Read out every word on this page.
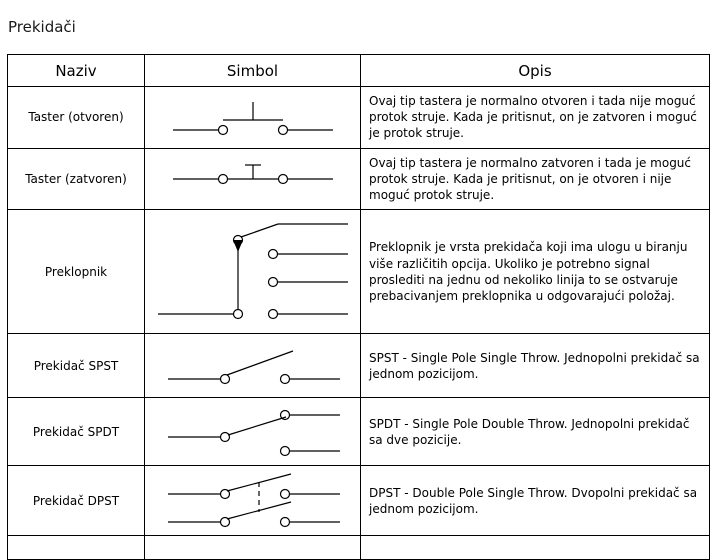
Prekidači
Naziv	Simbol	Opis
Taster (otvoren)		Ovaj tip tastera je normalno otvoren i tada nije moguć protok struje. Kada je pritisnut, on je zatvoren i moguć je protok struje.
Taster (zatvoren)		Ovaj tip tastera je normalno zatvoren i tada je moguć protok struje. Kada je pritisnut, on je otvoren i nije moguć protok struje.
Preklopnik		Preklopnik je vrsta prekidača koji ima ulogu u biranju više različitih opcija. Ukoliko je potrebno signal proslediti na jednu od nekoliko linija to se ostvaruje prebacivanjem preklopnika u odgovarajući položaj.
Prekidač SPST		SPST - Single Pole Single Throw. Jednopolni prekidač sa jednom pozicijom.
Prekidač SPDT		SPDT - Single Pole Double Throw. Jednopolni prekidač sa dve pozicije.
Prekidač DPST		DPST - Double Pole Single Throw. Dvopolni prekidač sa jednom pozicijom.
